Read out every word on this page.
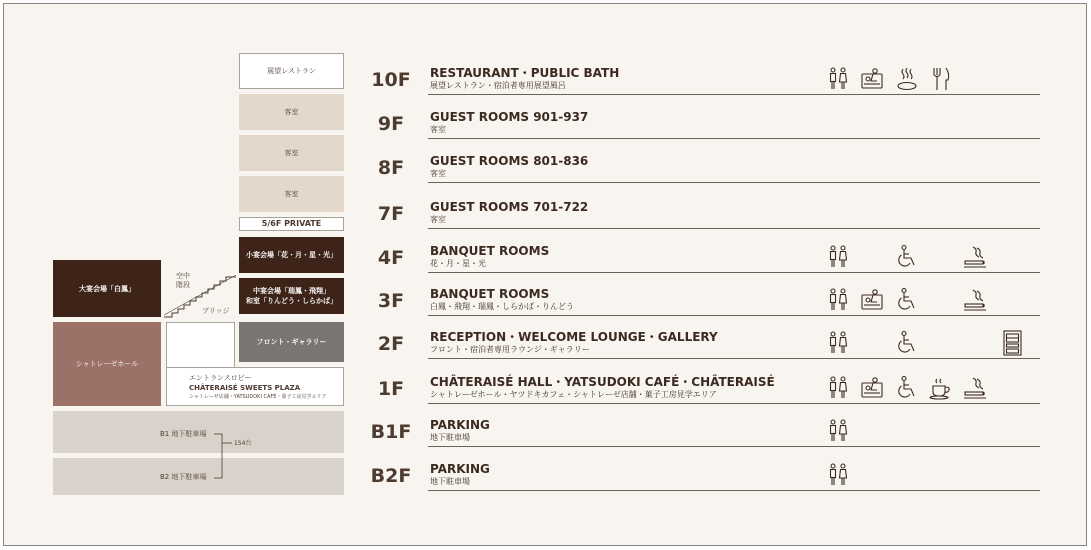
展望レストラン
客室
客室
客室
5/6F PRIVATE
小宴会場「花・月・星・光」
中宴会場「瑞鳳・飛翔」
和室「りんどう・しらかば」
大宴会場「白鳳」
空中
階段
ブリッジ
フロント・ギャラリー
シャトレーゼホール
エントランスロビー
CHÂTERAISÉ SWEETS PLAZA
シャトレーゼ店舗・YATSUDOKI CAFÉ・菓子工房見学エリア
B1 地下駐車場
B2 地下駐車場
154台
10F	RESTAURANT・PUBLIC BATH
展望レストラン・宿泊者専用展望風呂
9F	GUEST ROOMS 901-937
客室
8F	GUEST ROOMS 801-836
客室
7F	GUEST ROOMS 701-722
客室
4F	BANQUET ROOMS
花・月・星・光
3F	BANQUET ROOMS
白鳳・飛翔・瑞鳳・しらかば・りんどう
2F	RECEPTION・WELCOME LOUNGE・GALLERY
フロント・宿泊者専用ラウンジ・ギャラリー
1F	CHÂTERAISÉ HALL・YATSUDOKI CAFÉ・CHÂTERAISÉ
シャトレーゼホール・ヤツドキカフェ・シャトレーゼ店舗・菓子工房見学エリア
B1F	PARKING
地下駐車場
B2F	PARKING
地下駐車場
